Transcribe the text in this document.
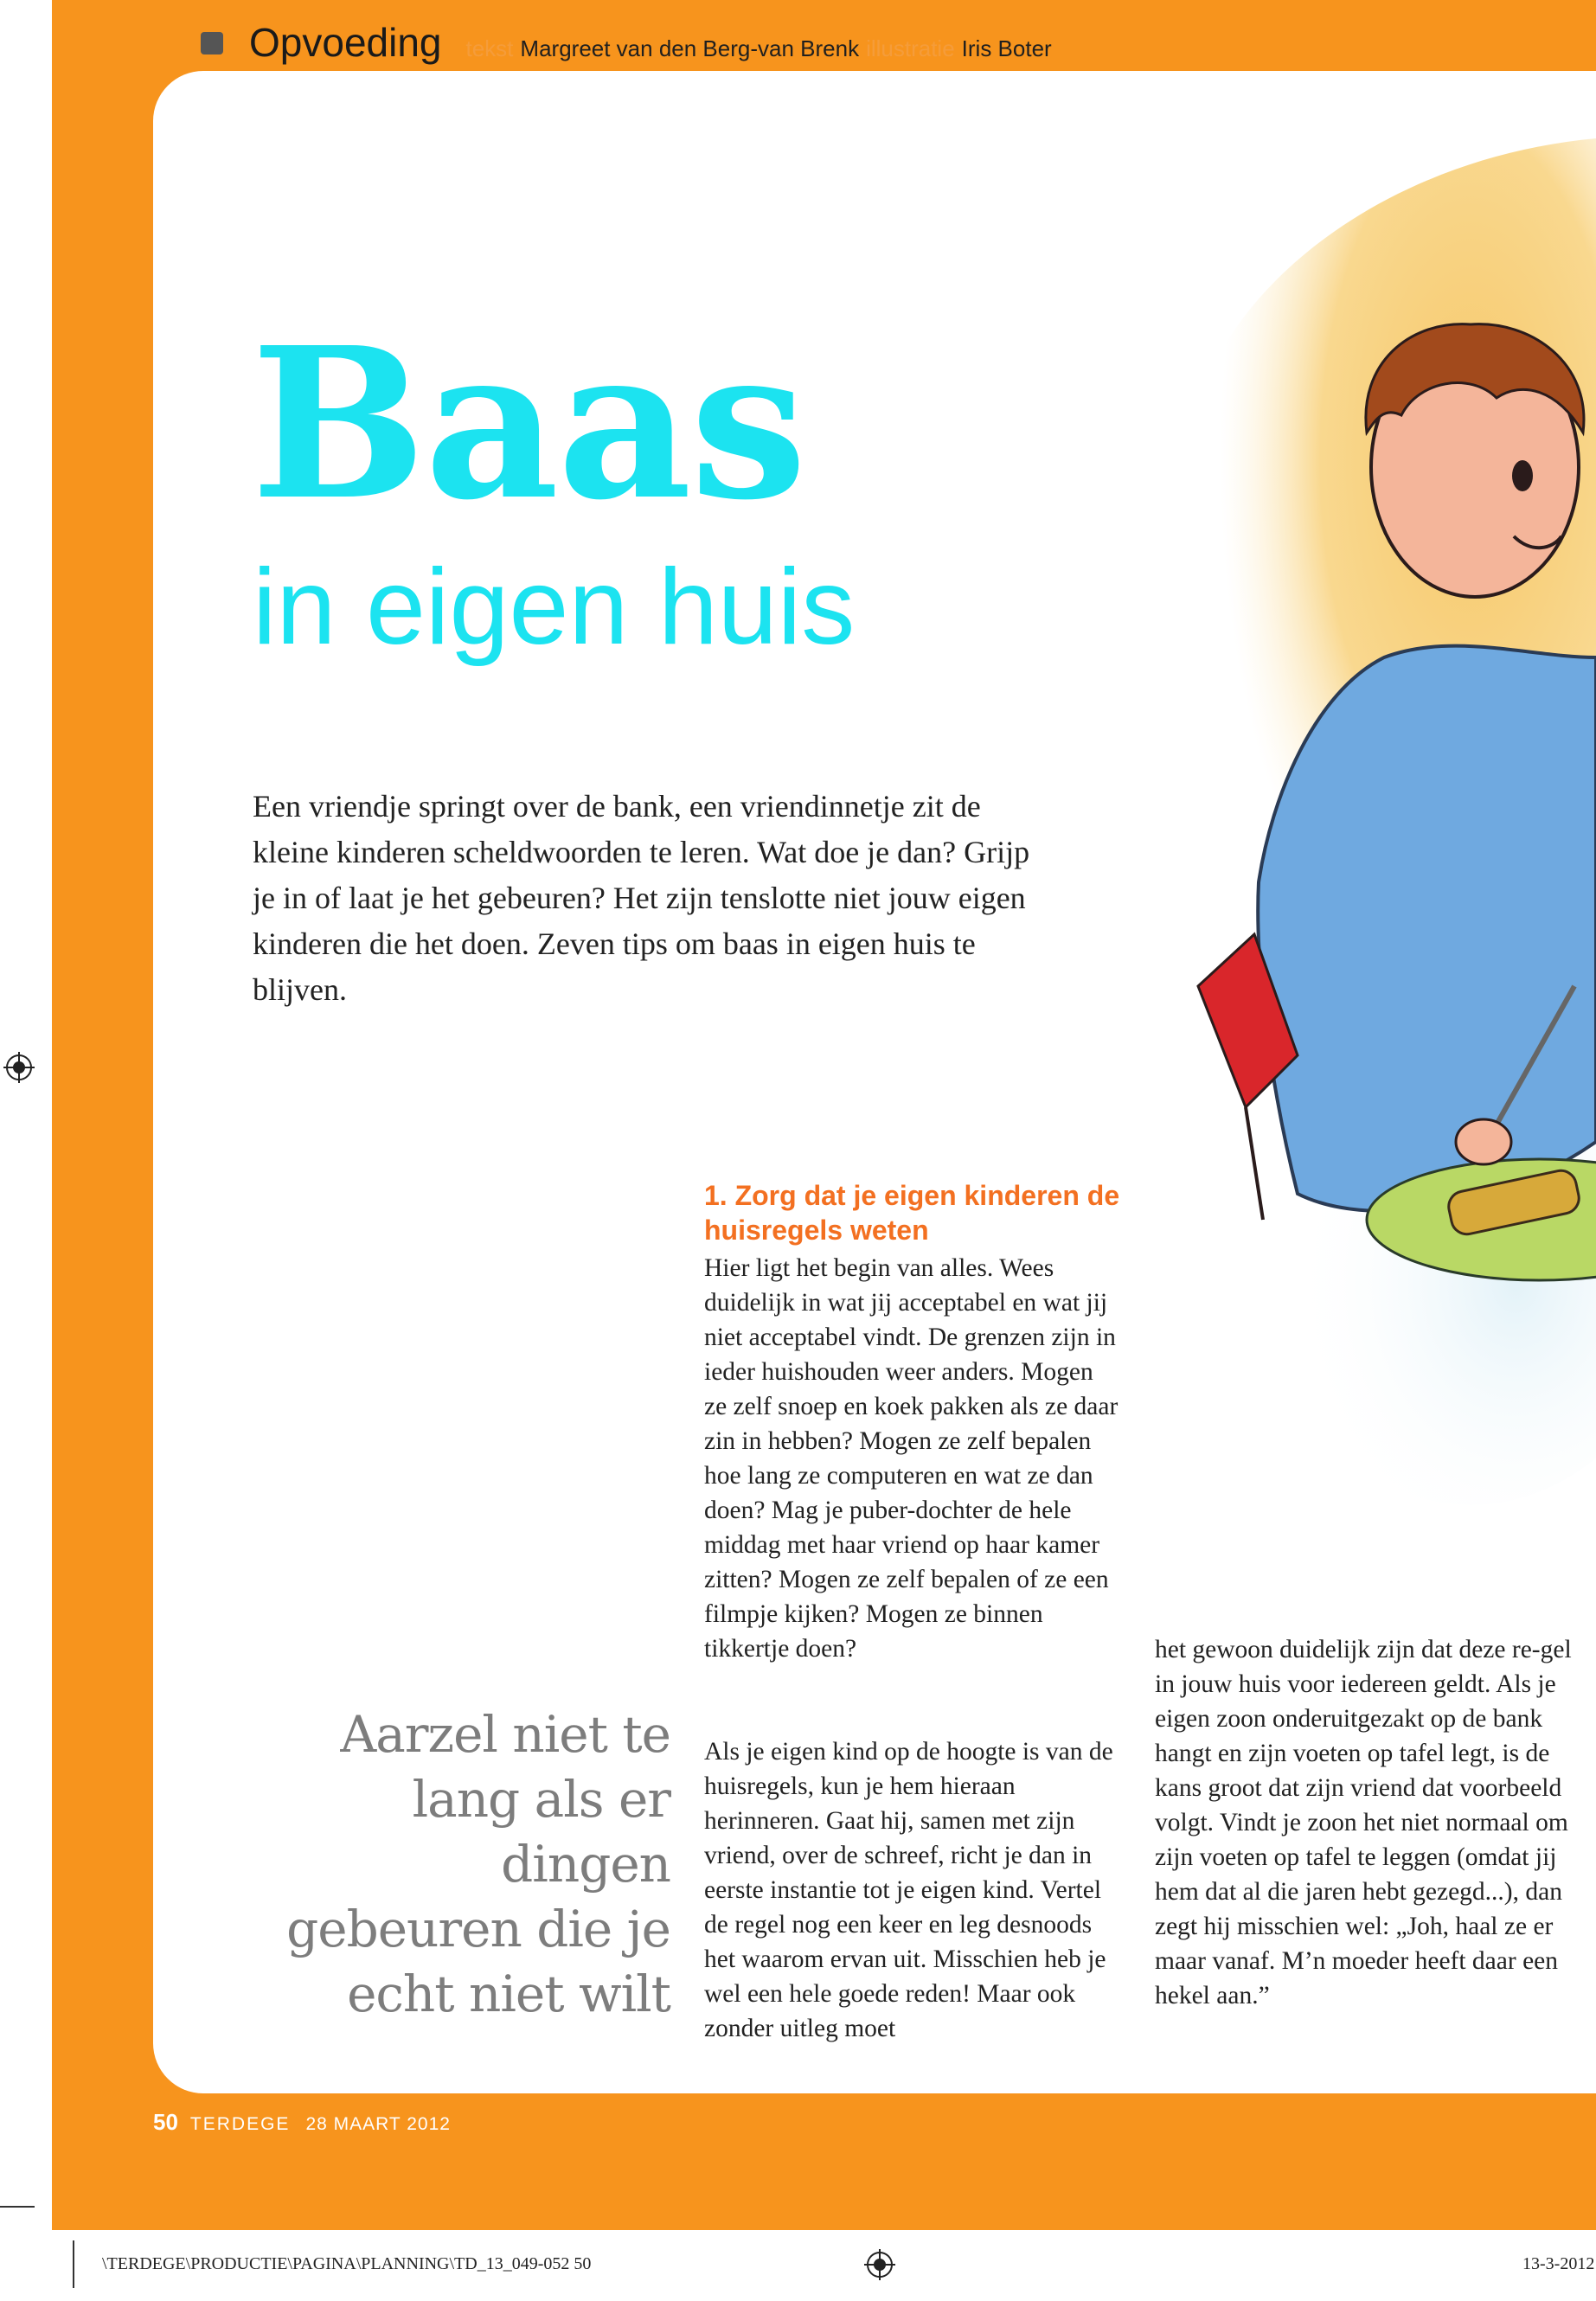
Opvoeding tekst Margreet van den Berg-van Brenk illustratie Iris Boter
Baas
in eigen huis

Een vriendje springt over de bank, een vriendinnetje zit de kleine kinderen scheldwoorden te leren. Wat doe je dan? Grijp je in of laat je het gebeuren? Het zijn tenslotte niet jouw eigen kinderen die het doen. Zeven tips om baas in eigen huis te blijven.

Aarzel niet te lang als er dingen gebeuren die je echt niet wilt

1. Zorg dat je eigen kinderen de huisregels weten

Hier ligt het begin van alles. Wees duidelijk in wat jij acceptabel en wat jij niet acceptabel vindt. De grenzen zijn in ieder huishouden weer anders. Mogen ze zelf snoep en koek pakken als ze daar zin in hebben? Mogen ze zelf bepalen hoe lang ze computeren en wat ze dan doen? Mag je puber-dochter de hele middag met haar vriend op haar kamer zitten? Mogen ze zelf bepalen of ze een filmpje kijken? Mogen ze binnen tikkertje doen?

Als je eigen kind op de hoogte is van de huisregels, kun je hem hieraan herinneren. Gaat hij, samen met zijn vriend, over de schreef, richt je dan in eerste instantie tot je eigen kind. Vertel de regel nog een keer en leg desnoods het waarom ervan uit. Misschien heb je wel een hele goede reden! Maar ook zonder uitleg moet

het gewoon duidelijk zijn dat deze re-gel in jouw huis voor iedereen geldt. Als je eigen zoon onderuitgezakt op de bank hangt en zijn voeten op tafel legt, is de kans groot dat zijn vriend dat voorbeeld volgt. Vindt je zoon het niet normaal om zijn voeten op tafel te leggen (omdat jij hem dat al die jaren hebt gezegd...), dan zegt hij misschien wel: „Joh, haal ze er maar vanaf. M’n moeder heeft daar een hekel aan.”

50 TERDEGE 28 MAART 2012
\TERDEGE\PRODUCTIE\PAGINA\PLANNING\TD_13_049-052 50	13-3-2012
